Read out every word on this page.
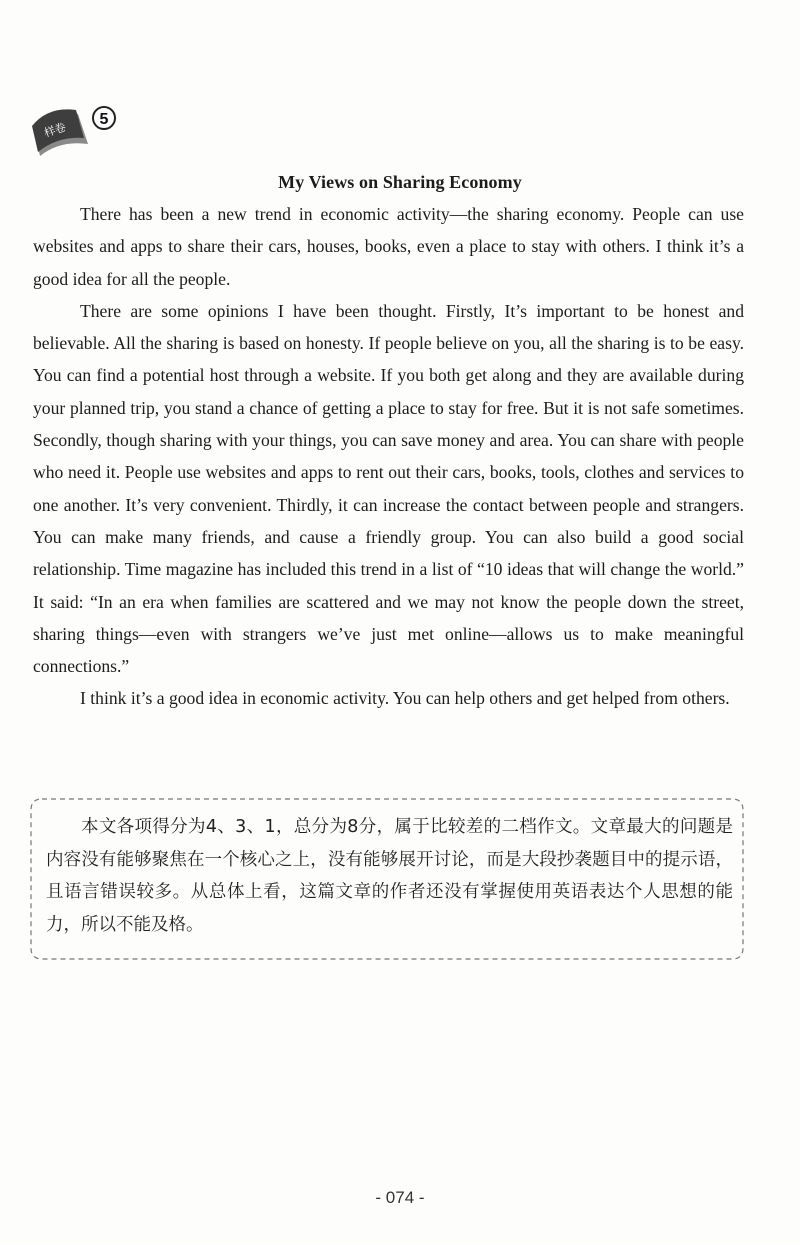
样卷
5
My Views on Sharing Economy

There has been a new trend in economic activity—the sharing economy. People can use websites and apps to share their cars, houses, books, even a place to stay with others. I think it’s a good idea for all the people.

There are some opinions I have been thought. Firstly, It’s important to be honest and believable. All the sharing is based on honesty. If people believe on you, all the sharing is to be easy. You can find a potential host through a website. If you both get along and they are available during your planned trip, you stand a chance of getting a place to stay for free. But it is not safe sometimes. Secondly, though sharing with your things, you can save money and area. You can share with people who need it. People use websites and apps to rent out their cars, books, tools, clothes and services to one another. It’s very convenient. Thirdly, it can increase the contact between people and strangers. You can make many friends, and cause a friendly group. You can also build a good social relationship. Time magazine has included this trend in a list of “10 ideas that will change the world.” It said: “In an era when families are scattered and we may not know the people down the street, sharing things—even with strangers we’ve just met online—allows us to make meaningful connections.”

I think it’s a good idea in economic activity. You can help others and get helped from others.

本文各项得分为4、3、1，总分为8分，属于比较差的二档作文。文章最大的问题是内容没有能够聚焦在一个核心之上，没有能够展开讨论，而是大段抄袭题目中的提示语，且语言错误较多。从总体上看，这篇文章的作者还没有掌握使用英语表达个人思想的能力，所以不能及格。

- 074 -
